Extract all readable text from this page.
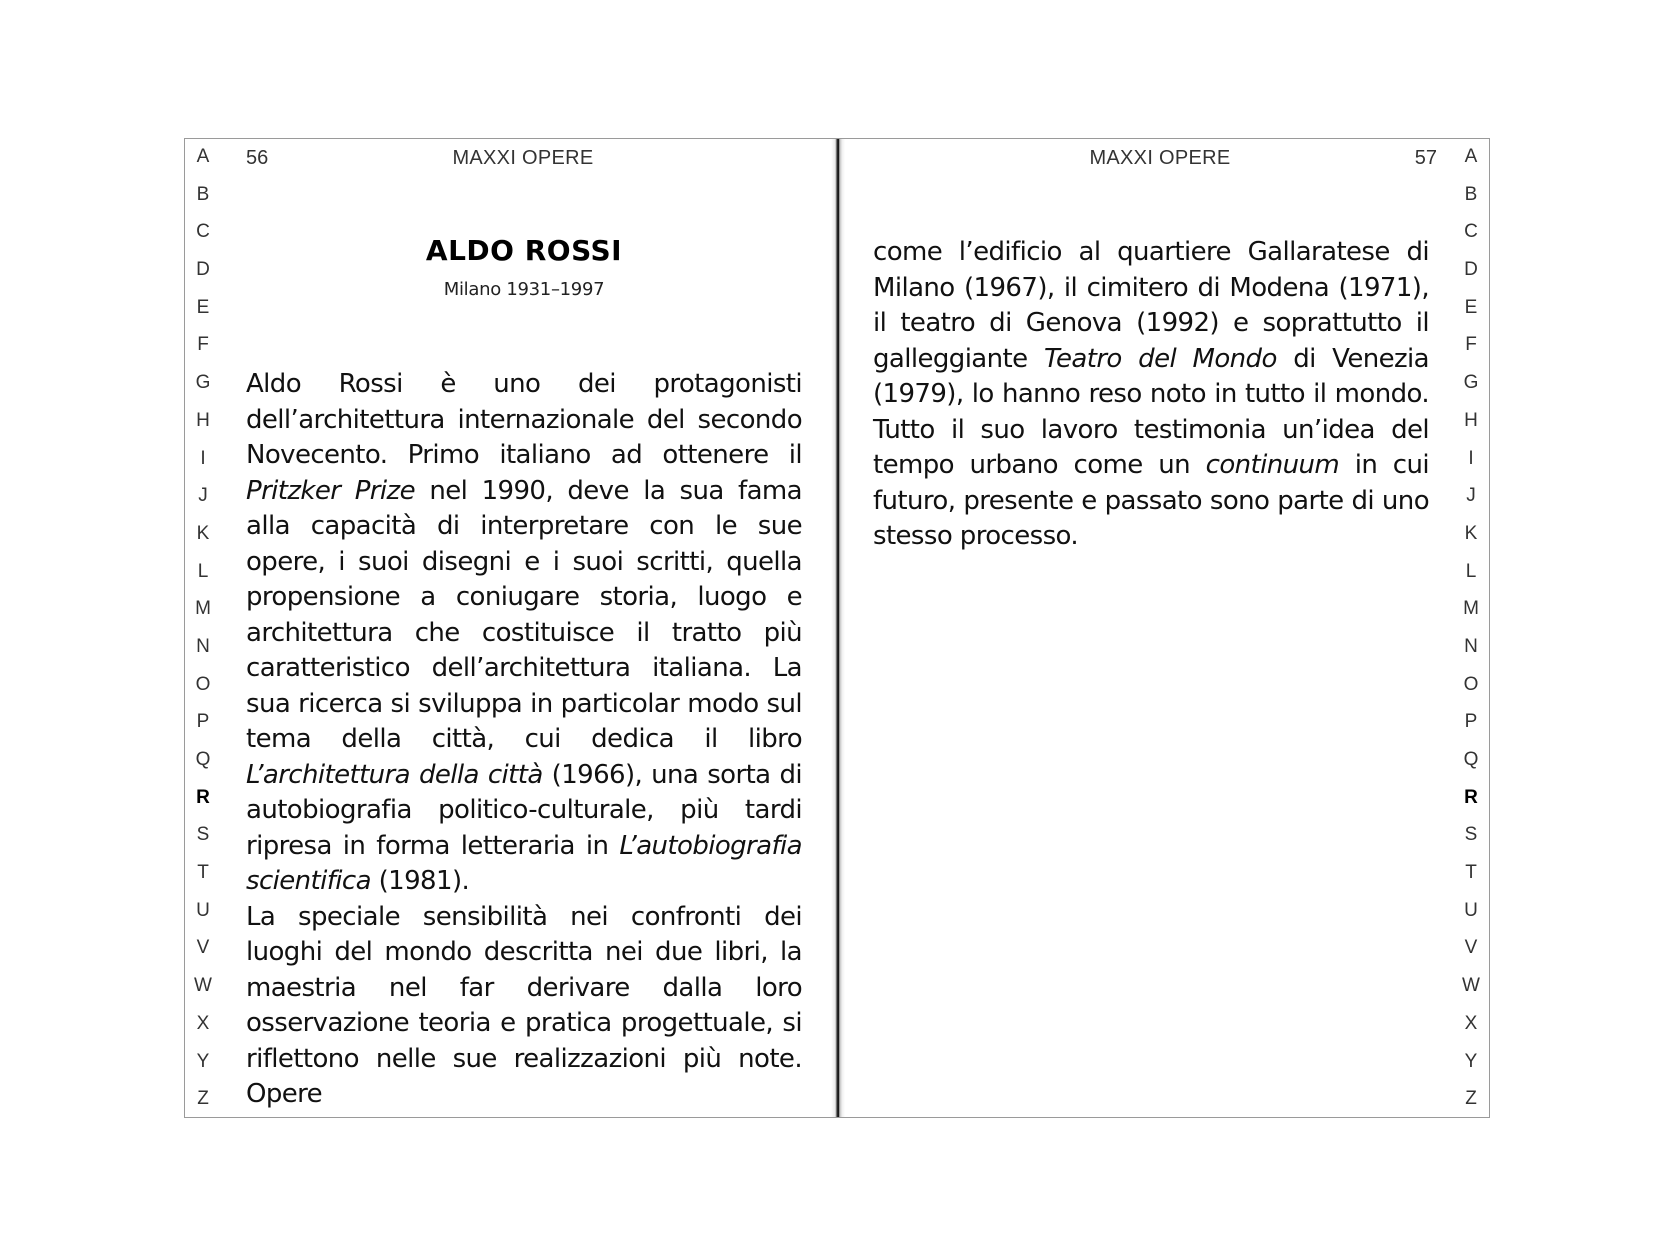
A
B
C
D
E
F
G
H
I
J
K
L
M
N
O
P
Q
R
S
T
U
V
W
X
Y
Z
56	MAXXI OPERE
ALDO ROSSI
Milano 1931–1997

Aldo Rossi è uno dei protagonisti dell’architettura internazionale del secondo Novecento. Primo italiano ad ottenere il Pritzker Prize nel 1990, deve la sua fama alla capacità di interpretare con le sue opere, i suoi disegni e i suoi scritti, quella propensione a coniugare storia, luogo e architettura che costituisce il tratto più caratteristico dell’architettura italiana. La sua ricerca si sviluppa in particolar modo sul tema della città, cui dedica il libro L’architettura della città (1966), una sorta di autobiografia politico-culturale, più tardi ripresa in forma letteraria in L’autobiografia scientifica (1981).

La speciale sensibilità nei confronti dei luoghi del mondo descritta nei due libri, la maestria nel far derivare dalla loro osservazione teoria e pratica progettuale, si riflettono nelle sue realizzazioni più note. Opere

A
B
C
D
E
F
G
H
I
J
K
L
M
N
O
P
Q
R
S
T
U
V
W
X
Y
Z
MAXXI OPERE	57

come l’edificio al quartiere Gallaratese di Milano (1967), il cimitero di Modena (1971), il teatro di Genova (1992) e soprattutto il galleggiante Teatro del Mondo di Venezia (1979), lo hanno reso noto in tutto il mondo. Tutto il suo lavoro testimonia un’idea del tempo urbano come un continuum in cui futuro, presente e passato sono parte di uno stesso processo.
